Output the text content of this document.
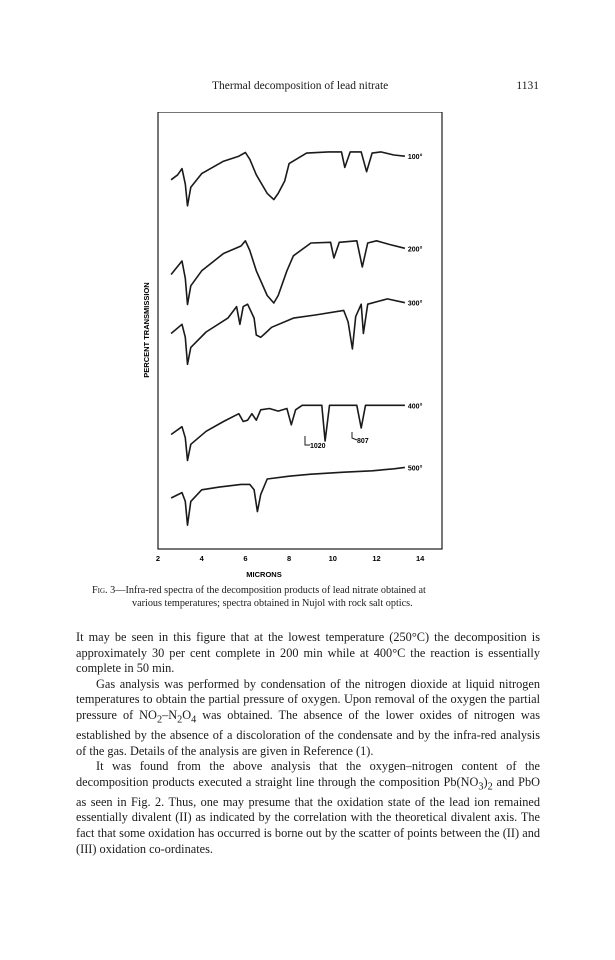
Thermal decomposition of lead nitrate	1131
100°
200°
300°
400°
500°
2	4	6	8	10	12	14
MICRONS
PERCENT TRANSMISSION
1020
807
Fig. 3—Infra-red spectra of the decomposition products of lead nitrate obtained at
various temperatures; spectra obtained in Nujol with rock salt optics.

It may be seen in this figure that at the lowest temperature (250°C) the decomposition is approximately 30 per cent complete in 200 min while at 400°C the reaction is essentially complete in 50 min.

Gas analysis was performed by condensation of the nitrogen dioxide at liquid nitrogen temperatures to obtain the partial pressure of oxygen. Upon removal of the oxygen the partial pressure of $NO_2-N_2O_4$ was obtained. The absence of the lower oxides of nitrogen was established by the absence of a discoloration of the condensate and by the infra-red analysis of the gas. Details of the analysis are given in Reference (1).

It was found from the above analysis that the oxygen–nitrogen content of the decomposition products executed a straight line through the composition $Pb(NO_3)_2$ and PbO as seen in Fig. 2. Thus, one may presume that the oxidation state of the lead ion remained essentially divalent (II) as indicated by the correlation with the theoretical divalent axis. The fact that some oxidation has occurred is borne out by the scatter of points between the (II) and (III) oxidation co-ordinates.
